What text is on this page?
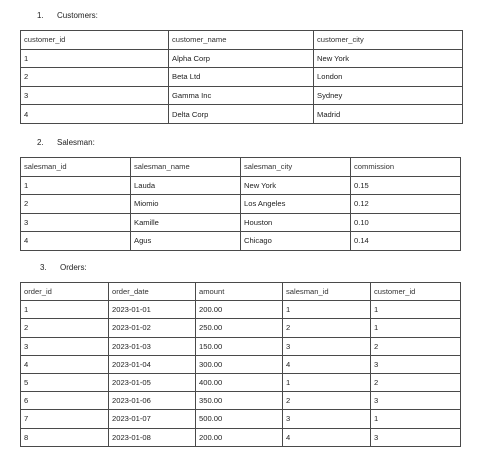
1. Customers:
customer_id	customer_name	customer_city
1	Alpha Corp	New York
2	Beta Ltd	London
3	Gamma Inc	Sydney
4	Delta Corp	Madrid
2. Salesman:
salesman_id	salesman_name	salesman_city	commission
1	Lauda	New York	0.15
2	Miomio	Los Angeles	0.12
3	Kamille	Houston	0.10
4	Agus	Chicago	0.14
3. Orders:
order_id	order_date	amount	salesman_id	customer_id
1	2023-01-01	200.00	1	1
2	2023-01-02	250.00	2	1
3	2023-01-03	150.00	3	2
4	2023-01-04	300.00	4	3
5	2023-01-05	400.00	1	2
6	2023-01-06	350.00	2	3
7	2023-01-07	500.00	3	1
8	2023-01-08	200.00	4	3
